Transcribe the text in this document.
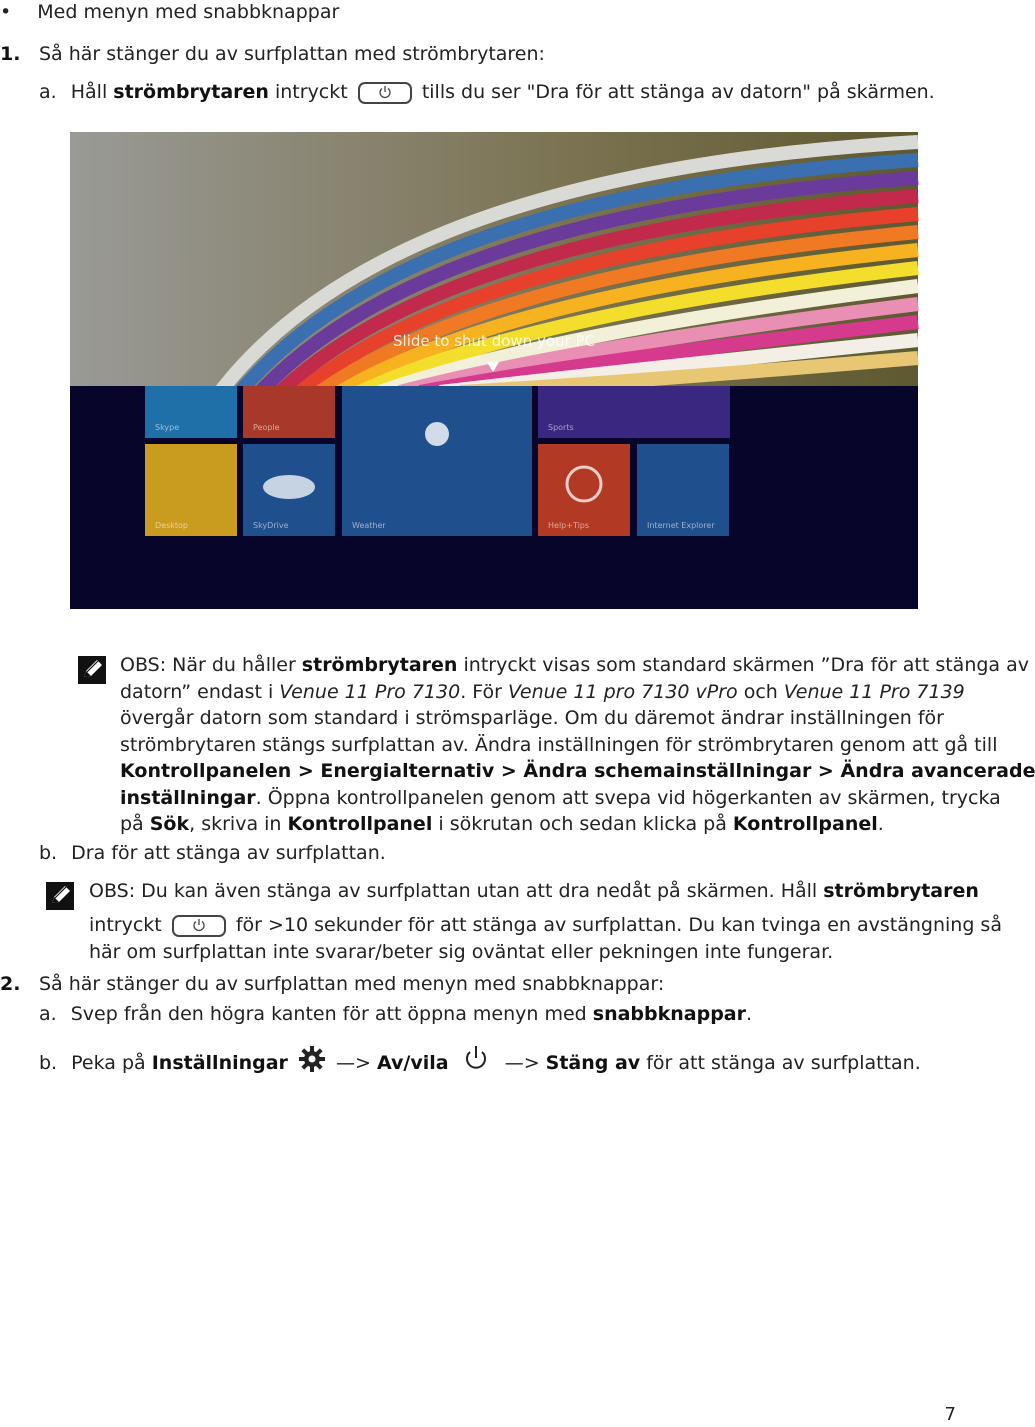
• Med menyn med snabbknappar
1. Så här stänger du av surfplattan med strömbrytaren:
a. Håll strömbrytaren intryckt	tills du ser "Dra för att stänga av datorn" på skärmen.
Slide to shut down your PC
Skype	People	Sports
Desktop	SkyDrive	Weather	Help+Tips	Internet Explorer
OBS: När du håller strömbrytaren intryckt visas som standard skärmen ”Dra för att stänga av
datorn” endast i Venue 11 Pro 7130. För Venue 11 pro 7130 vPro och Venue 11 Pro 7139
övergår datorn som standard i strömsparläge. Om du däremot ändrar inställningen för
strömbrytaren stängs surfplattan av. Ändra inställningen för strömbrytaren genom att gå till
Kontrollpanelen > Energialternativ > Ändra schemainställningar > Ändra avancerade
inställningar. Öppna kontrollpanelen genom att svepa vid högerkanten av skärmen, trycka
på Sök, skriva in Kontrollpanel i sökrutan och sedan klicka på Kontrollpanel.
b. Dra för att stänga av surfplattan.
OBS: Du kan även stänga av surfplattan utan att dra nedåt på skärmen. Håll strömbrytaren
intryckt	för >10 sekunder för att stänga av surfplattan. Du kan tvinga en avstängning så
här om surfplattan inte svarar/beter sig oväntat eller pekningen inte fungerar.
2. Så här stänger du av surfplattan med menyn med snabbknappar:
a. Svep från den högra kanten för att öppna menyn med snabbknappar.
b. Peka på Inställningar	—> Av/vila	—> Stäng av för att stänga av surfplattan.
7
